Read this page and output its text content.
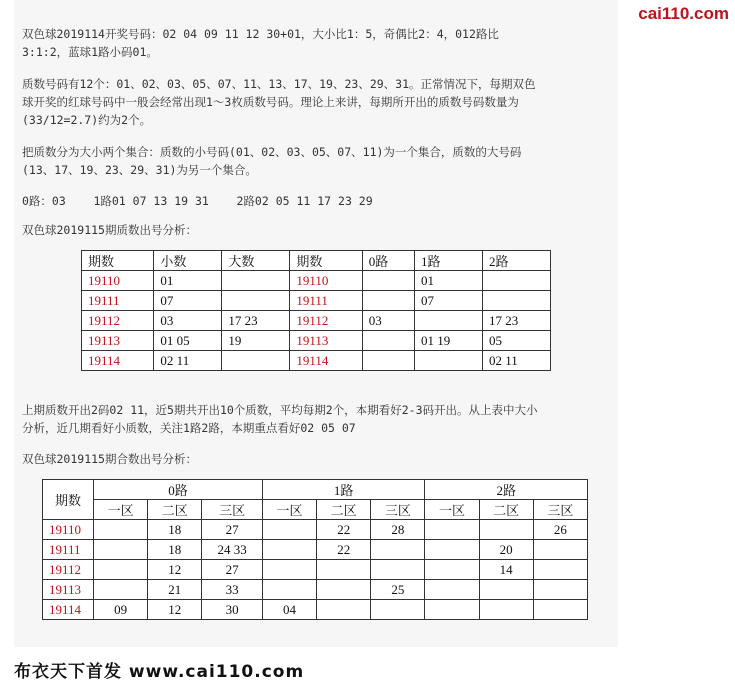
cai110.com
双色球2019114开奖号码：02 04 09 11 12 30+01，大小比1：5，奇偶比2：4，012路比
3:1:2，蓝球1路小码01。
质数号码有12个：01、02、03、05、07、11、13、17、19、23、29、31。正常情况下，每期双色
球开奖的红球号码中一般会经常出现1～3枚质数号码。理论上来讲，每期所开出的质数号码数量为
(33/12=2.7)约为2个。
把质数分为大小两个集合：质数的小号码(01、02、03、05、07、11)为一个集合，质数的大号码
(13、17、19、23、29、31)为另一个集合。
0路：03    1路01 07 13 19 31    2路02 05 11 17 23 29
双色球2019115期质数出号分析：
期数	小数	大数	期数	0路	1路	2路
19110	01		19110		01	
19111	07		19111		07	
19112	03	17 23	19112	03		17 23
19113	01 05	19	19113		01 19	05
19114	02 11		19114			02 11
上期质数开出2码02 11，近5期共开出10个质数，平均每期2个，本期看好2-3码开出。从上表中大小
分析，近几期看好小质数，关注1路2路，本期重点看好02 05 07
双色球2019115期合数出号分析：
期数	0路			1路			2路		
	一区	二区	三区	一区	二区	三区	一区	二区	三区
19110		18	27		22	28			26
19111		18	24 33		22			20	
19112		12	27					14	
19113		21	33			25			
19114	09	12	30	04					
布衣天下首发 www.cai110.com
